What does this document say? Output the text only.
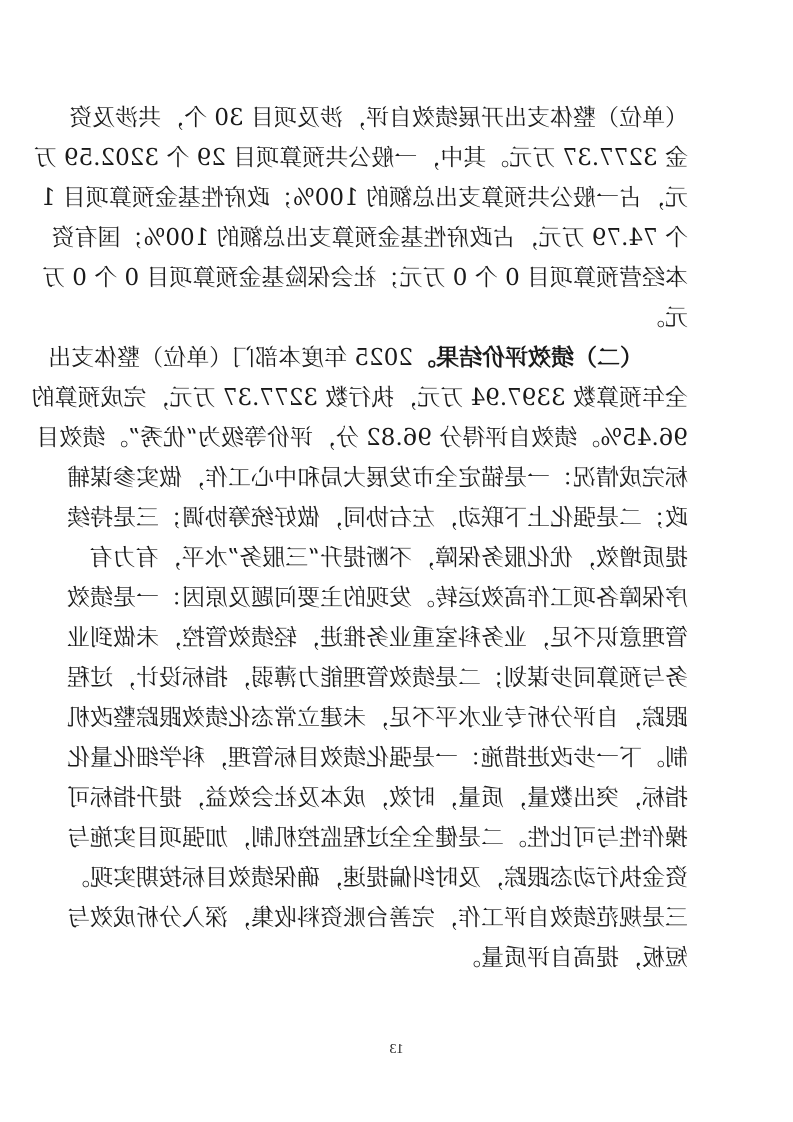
（单位）整体支出开展绩效自评，涉及项目 30 个，共涉及资
金 3277.37 万元。其中，一般公共预算项目 29 个 3202.59 万
元，占一般公共预算支出总额的 100%；政府性基金预算项目 1
个 74.79 万元，占政府性基金预算支出总额的 100%；国有资
本经营预算项目 0 个 0 万元；社会保险基金预算项目 0 个 0 万
元。
（二）绩效评价结果。2025 年度本部门（单位）整体支出
全年预算数 3397.94 万元，执行数 3277.37 万元，完成预算的
96.45%。绩效自评得分 96.82 分，评价等级为“优秀”。绩效目
标完成情况：一是锚定全市发展大局和中心工作，做实参谋辅
政；二是强化上下联动，左右协同，做好统筹协调；三是持续
提质增效，优化服务保障，不断提升“三服务”水平，有力有
序保障各项工作高效运转。发现的主要问题及原因：一是绩效
管理意识不足，业务科室重业务推进，轻绩效管控，未做到业
务与预算同步谋划；二是绩效管理能力薄弱，指标设计，过程
跟踪，自评分析专业水平不足，未建立常态化绩效跟踪整改机
制。下一步改进措施：一是强化绩效目标管理，科学细化量化
指标，突出数量，质量，时效，成本及社会效益，提升指标可
操作性与可比性。二是健全全过程监控机制，加强项目实施与
资金执行动态跟踪，及时纠偏提速，确保绩效目标按期实现。
三是规范绩效自评工作，完善台账资料收集，深入分析成效与
短板，提高自评质量。
13
